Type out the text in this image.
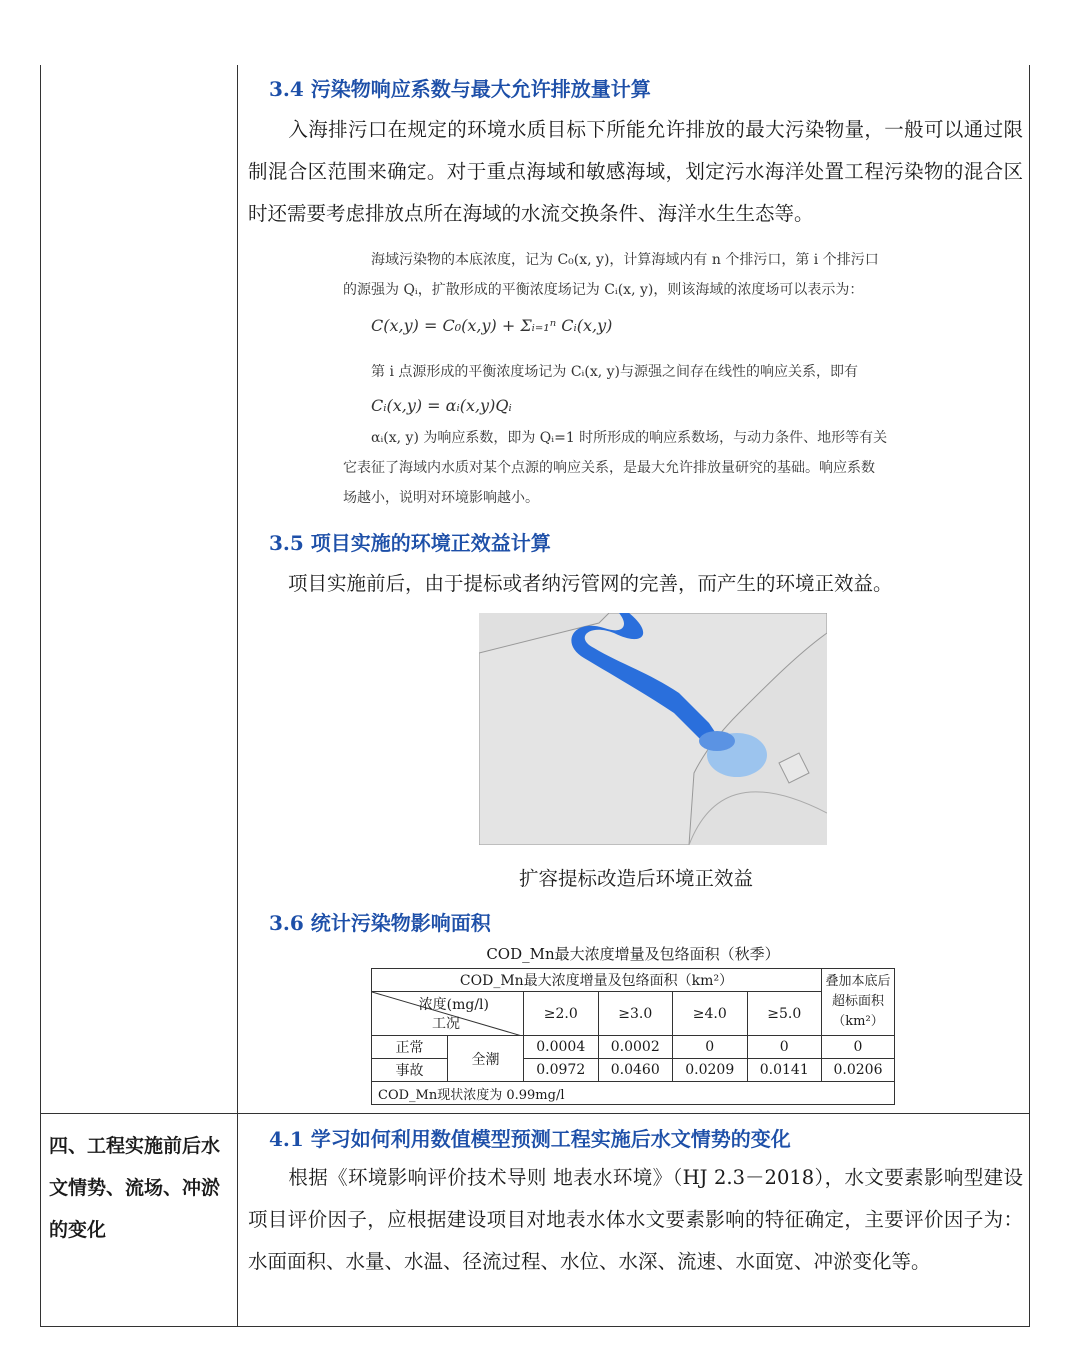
四、工程实施前后水文情势、流场、冲淤的变化
3.4 污染物响应系数与最大允许排放量计算
入海排污口在规定的环境水质目标下所能允许排放的最大污染物量，一般可以通过限制混合区范围来确定。对于重点海域和敏感海域，划定污水海洋处置工程污染物的混合区时还需要考虑排放点所在海域的水流交换条件、海洋水生生态等。
海域污染物的本底浓度，记为 C₀(x, y)，计算海域内有 n 个排污口，第 i 个排污口
的源强为 Qᵢ，扩散形成的平衡浓度场记为 Cᵢ(x, y)，则该海域的浓度场可以表示为：
C(x,y) = C₀(x,y) + Σᵢ₌₁ⁿ Cᵢ(x,y)
第 i 点源形成的平衡浓度场记为 Cᵢ(x, y)与源强之间存在线性的响应关系，即有
Cᵢ(x,y) = αᵢ(x,y)Qᵢ
αᵢ(x, y) 为响应系数，即为 Qᵢ=1 时所形成的响应系数场，与动力条件、地形等有关
它表征了海域内水质对某个点源的响应关系，是最大允许排放量研究的基础。响应系数
场越小，说明对环境影响越小。
3.5 项目实施的环境正效益计算
项目实施前后，由于提标或者纳污管网的完善，而产生的环境正效益。
扩容提标改造后环境正效益
3.6 统计污染物影响面积
COD_Mn最大浓度增量及包络面积（秋季）
COD_Mn最大浓度增量及包络面积（km²）						叠加本底后超标面积（km²）

浓度(mg/l)
工况		≥2.0	≥3.0	≥4.0	≥5.0	
正常	全潮	0.0004	0.0002	0	0	0
事故		0.0972	0.0460	0.0209	0.0141	0.0206
COD_Mn现状浓度为 0.99mg/l						
4.1 学习如何利用数值模型预测工程实施后水文情势的变化
根据《环境影响评价技术导则 地表水环境》（HJ 2.3－2018），水文要素影响型建设项目评价因子，应根据建设项目对地表水体水文要素影响的特征确定，主要评价因子为：水面面积、水量、水温、径流过程、水位、水深、流速、水面宽、冲淤变化等。
